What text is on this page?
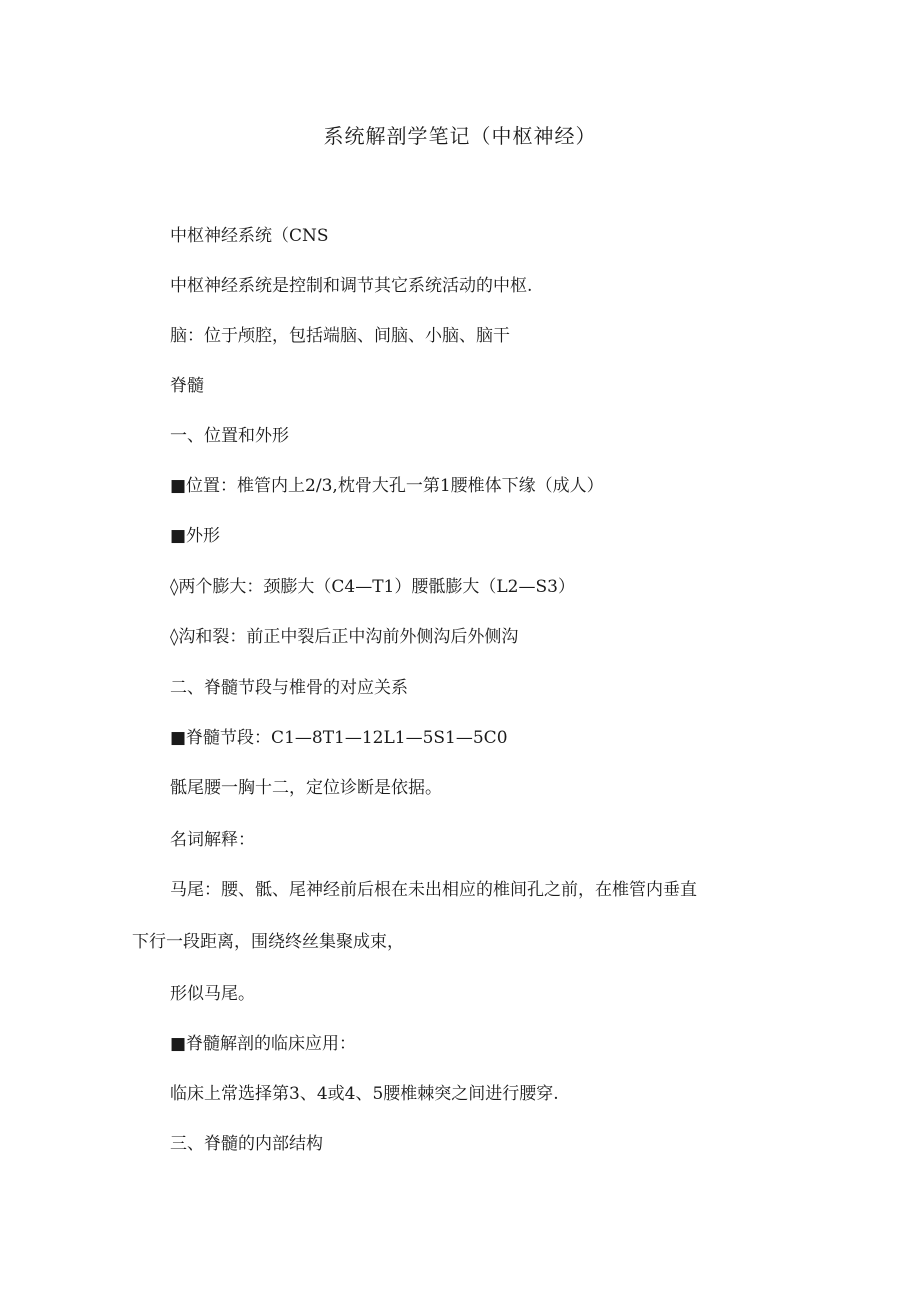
系统解剖学笔记（中枢神经）
中枢神经系统（CNS
中枢神经系统是控制和调节其它系统活动的中枢.
脑：位于颅腔，包括端脑、间脑、小脑、脑干
脊髓
一、位置和外形
■位置：椎管内上2/3,枕骨大孔一第1腰椎体下缘（成人）
■外形
◊两个膨大：颈膨大（C4—T1）腰骶膨大（L2—S3）
◊沟和裂：前正中裂后正中沟前外侧沟后外侧沟
二、脊髓节段与椎骨的对应关系
■脊髓节段：C1—8T1—12L1—5S1—5C0
骶尾腰一胸十二，定位诊断是依据。
名词解释：
马尾：腰、骶、尾神经前后根在未出相应的椎间孔之前，在椎管内垂直
下行一段距离，围绕终丝集聚成束，
形似马尾。
■脊髓解剖的临床应用：
临床上常选择第3、4或4、5腰椎棘突之间进行腰穿.
三、脊髓的内部结构
